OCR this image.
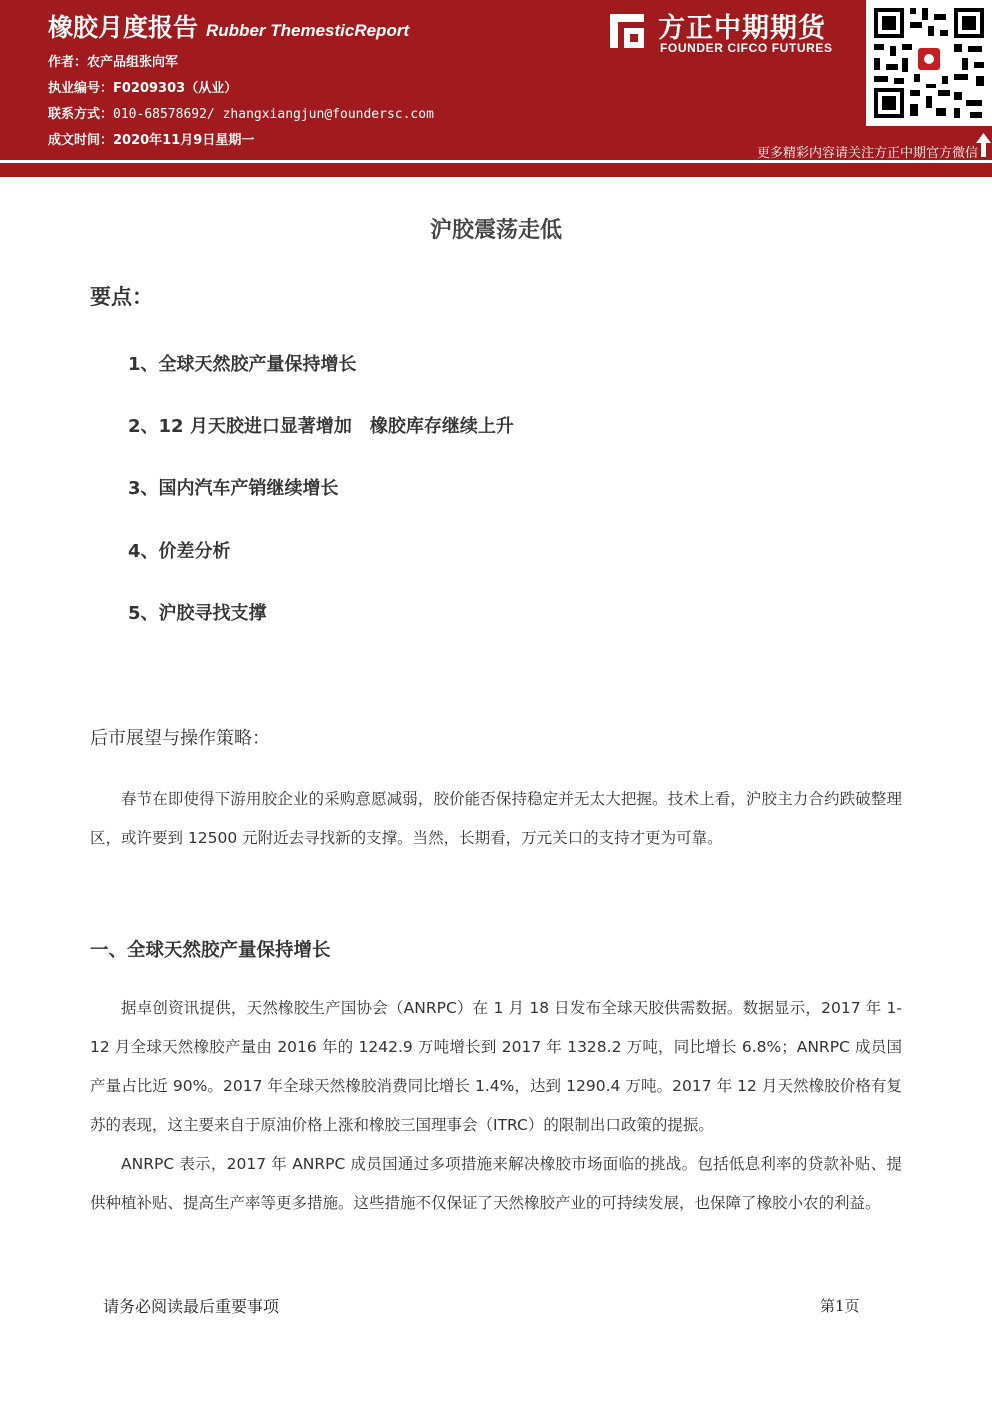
橡胶月度报告 Rubber ThemesticReport
作者：农产品组张向军
执业编号：F0209303（从业）
联系方式：010-68578692/ zhangxiangjun@foundersc.com
成文时间：2020年11月9日星期一
方正中期期货
FOUNDER CIFCO FUTURES
更多精彩内容请关注方正中期官方微信
沪胶震荡走低
要点：
1、全球天然胶产量保持增长
2、12 月天胶进口显著增加　橡胶库存继续上升
3、国内汽车产销继续增长
4、价差分析
5、沪胶寻找支撑
后市展望与操作策略：
春节在即使得下游用胶企业的采购意愿减弱，胶价能否保持稳定并无太大把握。技术上看，沪胶主力合约跌破整理区，或许要到 12500 元附近去寻找新的支撑。当然，长期看，万元关口的支持才更为可靠。
一、全球天然胶产量保持增长
据卓创资讯提供，天然橡胶生产国协会（ANRPC）在 1 月 18 日发布全球天胶供需数据。数据显示，2017 年 1-12 月全球天然橡胶产量由 2016 年的 1242.9 万吨增长到 2017 年 1328.2 万吨，同比增长 6.8%；ANRPC 成员国产量占比近 90%。2017 年全球天然橡胶消费同比增长 1.4%，达到 1290.4 万吨。2017 年 12 月天然橡胶价格有复苏的表现，这主要来自于原油价格上涨和橡胶三国理事会（ITRC）的限制出口政策的提振。
ANRPC 表示，2017 年 ANRPC 成员国通过多项措施来解决橡胶市场面临的挑战。包括低息利率的贷款补贴、提供种植补贴、提高生产率等更多措施。这些措施不仅保证了天然橡胶产业的可持续发展，也保障了橡胶小农的利益。
请务必阅读最后重要事项	第1页
